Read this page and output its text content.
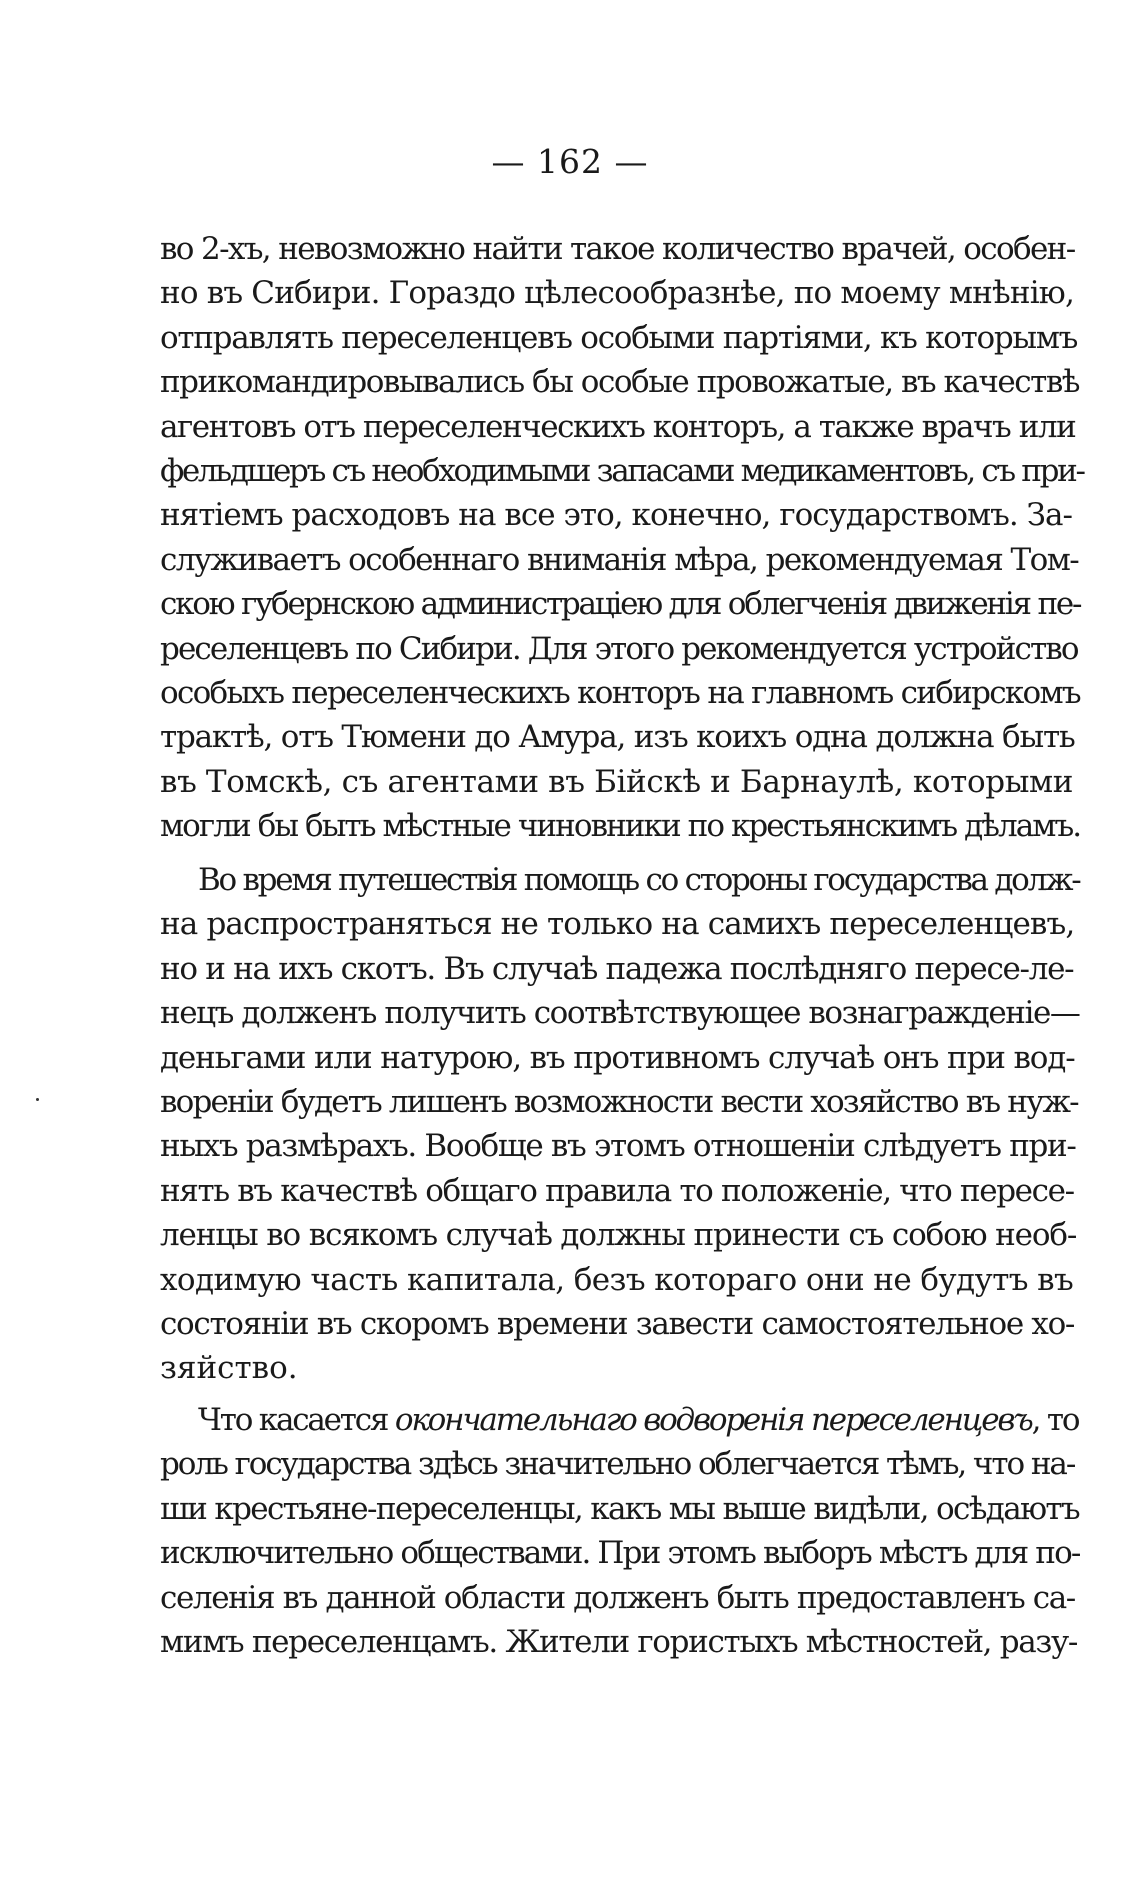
— 162 —
во 2-хъ, невозможно найти такое количество врачей, особен-
но въ Сибири. Гораздо цѣлесообразнѣе, по моему мнѣнію,
отправлять переселенцевъ особыми партіями, къ которымъ
прикомандировывались бы особые провожатые, въ качествѣ
агентовъ отъ переселенческихъ конторъ, а также врачъ или
фельдшеръ съ необходимыми запасами медикаментовъ, съ при-
нятіемъ расходовъ на все это, конечно, государствомъ. За-
служиваетъ особеннаго вниманія мѣра, рекомендуемая Том-
скою губернскою администраціею для облегченія движенія пе-
реселенцевъ по Сибири. Для этого рекомендуется устройство
особыхъ переселенческихъ конторъ на главномъ сибирскомъ
трактѣ, отъ Тюмени до Амура, изъ коихъ одна должна быть
въ Томскѣ, съ агентами въ Бійскѣ и Барнаулѣ, которыми
могли бы быть мѣстные чиновники по крестьянскимъ дѣламъ.
Во время путешествія помощь со стороны государства долж-
на распространяться не только на самихъ переселенцевъ,
но и на ихъ скотъ. Въ случаѣ падежа послѣдняго пересе-ле-
нецъ долженъ получить соотвѣтствующее вознагражденіе—
деньгами или натурою, въ противномъ случаѣ онъ при вод-
вореніи будетъ лишенъ возможности вести хозяйство въ нуж-
ныхъ размѣрахъ. Вообще въ этомъ отношеніи слѣдуетъ при-
нять въ качествѣ общаго правила то положеніе, что пересе-
ленцы во всякомъ случаѣ должны принести съ собою необ-
ходимую часть капитала, безъ котораго они не будутъ въ
состояніи въ скоромъ времени завести самостоятельное хо-
зяйство.
Что касается окончательнаго водворенія переселенцевъ, то
роль государства здѣсь значительно облегчается тѣмъ, что на-
ши крестьяне-переселенцы, какъ мы выше видѣли, осѣдаютъ
исключительно обществами. При этомъ выборъ мѣстъ для по-
селенія въ данной области долженъ быть предоставленъ са-
мимъ переселенцамъ. Жители гористыхъ мѣстностей, разу-
